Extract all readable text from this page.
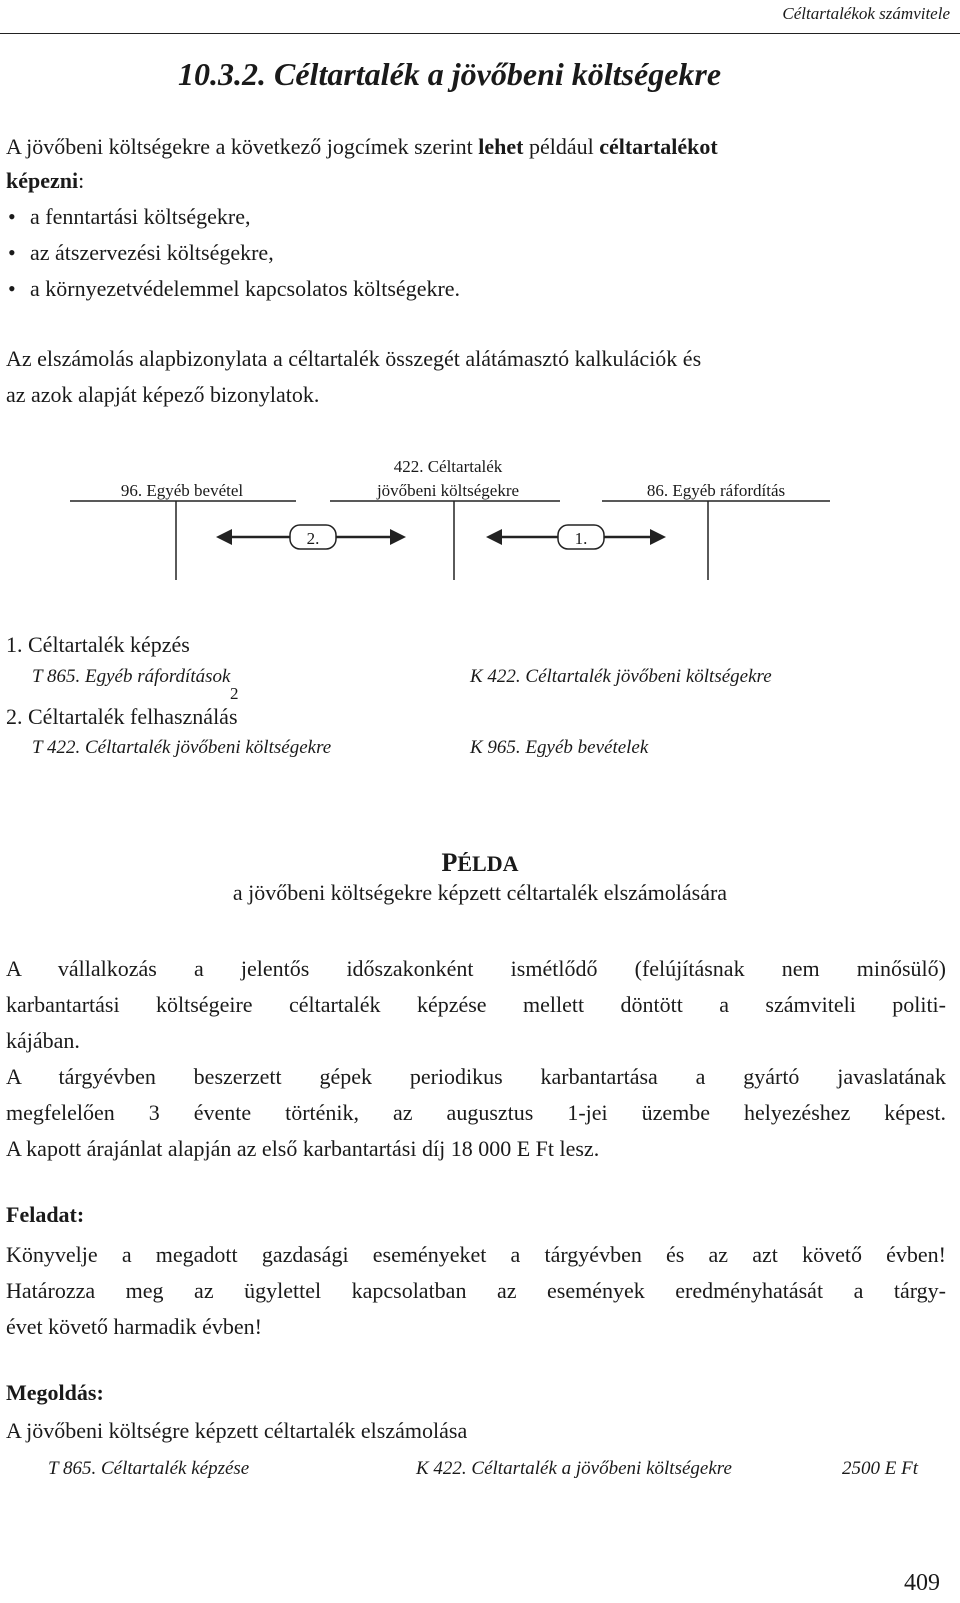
Céltartalékok számvitele
10.3.2. Céltartalék a jövőbeni költségekre
A jövőbeni költségekre a következő jogcímek szerint lehet például céltartalékot
képezni:
• a fenntartási költségekre,
• az átszervezési költségekre,
• a környezetvédelemmel kapcsolatos költségekre.
Az elszámolás alapbizonylata a céltartalék összegét alátámasztó kalkulációk és
az azok alapját képező bizonylatok.
96. Egyéb bevétel
422. Céltartalék
jövőbeni költségekre	86. Egyéb ráfordítás
2.	1.
1. Céltartalék képzés
T 865. Egyéb ráfordítások	K 422. Céltartalék jövőbeni költségekre
2
2. Céltartalék felhasználás
T 422. Céltartalék jövőbeni költségekre	K 965. Egyéb bevételek
PÉLDA
a jövőbeni költségekre képzett céltartalék elszámolására
A vállalkozás a jelentős időszakonként ismétlődő (felújításnak nem minősülő)
karbantartási költségeire céltartalék képzése mellett döntött a számviteli politi-
kájában.
A tárgyévben beszerzett gépek periodikus karbantartása a gyártó javaslatának
megfelelően 3 évente történik, az augusztus 1-jei üzembe helyezéshez képest.
A kapott árajánlat alapján az első karbantartási díj 18 000 E Ft lesz.
Feladat:
Könyvelje a megadott gazdasági eseményeket a tárgyévben és az azt követő évben!
Határozza meg az ügylettel kapcsolatban az események eredményhatását a tárgy-
évet követő harmadik évben!
Megoldás:
A jövőbeni költségre képzett céltartalék elszámolása
T 865. Céltartalék képzése	K 422. Céltartalék a jövőbeni költségekre	2500 E Ft
409
